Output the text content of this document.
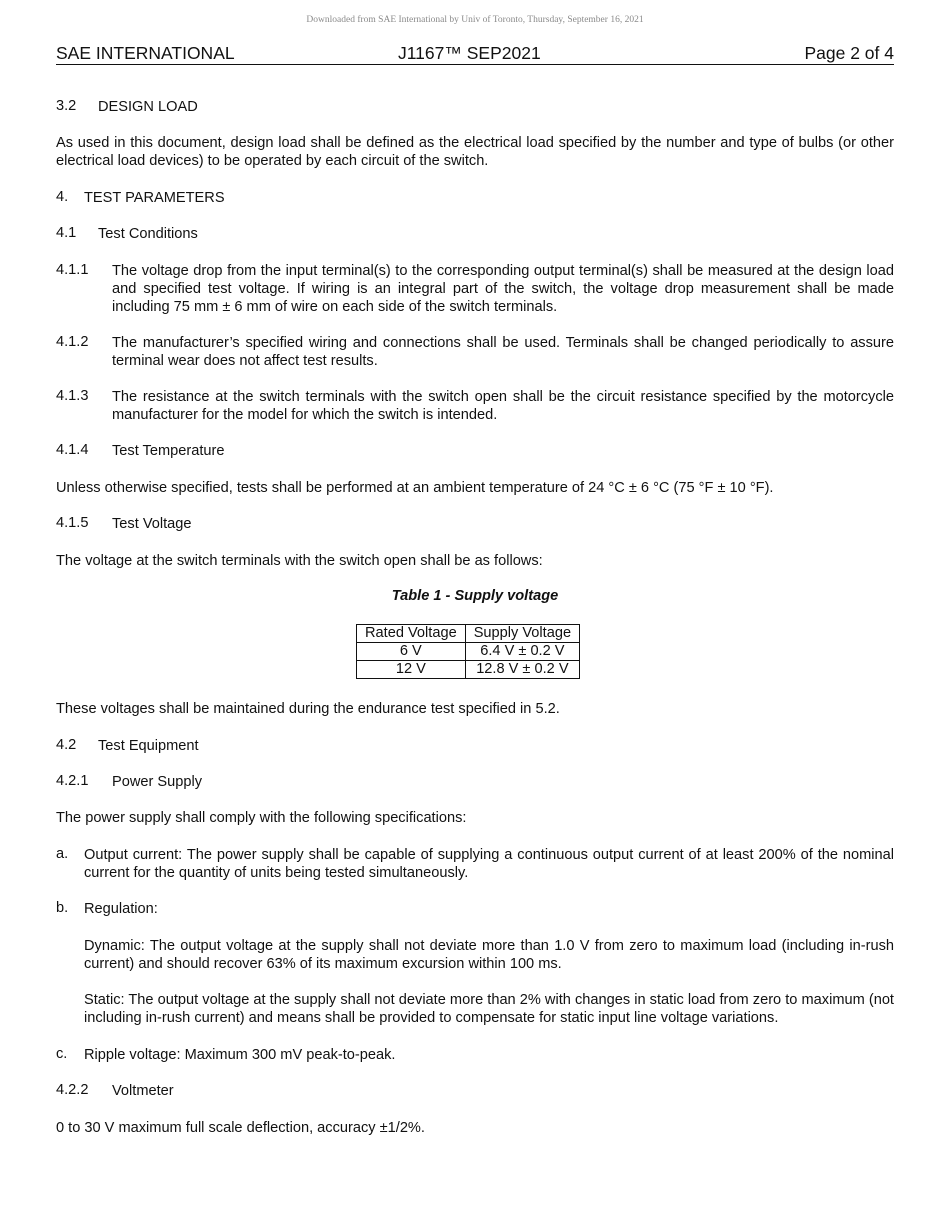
Downloaded from SAE International by Univ of Toronto, Thursday, September 16, 2021
SAE INTERNATIONAL	J1167™ SEP2021	Page 2 of 4
3.2 DESIGN LOAD
As used in this document, design load shall be defined as the electrical load specified by the number and type of bulbs (or other electrical load devices) to be operated by each circuit of the switch.
4. TEST PARAMETERS
4.1 Test Conditions
4.1.1 The voltage drop from the input terminal(s) to the corresponding output terminal(s) shall be measured at the design load and specified test voltage. If wiring is an integral part of the switch, the voltage drop measurement shall be made including 75 mm ± 6 mm of wire on each side of the switch terminals.
4.1.2 The manufacturer’s specified wiring and connections shall be used. Terminals shall be changed periodically to assure terminal wear does not affect test results.
4.1.3 The resistance at the switch terminals with the switch open shall be the circuit resistance specified by the motorcycle manufacturer for the model for which the switch is intended.
4.1.4 Test Temperature
Unless otherwise specified, tests shall be performed at an ambient temperature of 24 °C ± 6 °C (75 °F ± 10 °F).
4.1.5 Test Voltage
The voltage at the switch terminals with the switch open shall be as follows:
Table 1 - Supply voltage
Rated Voltage	Supply Voltage
6 V	6.4 V ± 0.2 V
12 V	12.8 V ± 0.2 V
These voltages shall be maintained during the endurance test specified in 5.2.
4.2 Test Equipment
4.2.1 Power Supply
The power supply shall comply with the following specifications:
a. Output current: The power supply shall be capable of supplying a continuous output current of at least 200% of the nominal current for the quantity of units being tested simultaneously.
b. Regulation:
Dynamic: The output voltage at the supply shall not deviate more than 1.0 V from zero to maximum load (including in-rush current) and should recover 63% of its maximum excursion within 100 ms.
Static: The output voltage at the supply shall not deviate more than 2% with changes in static load from zero to maximum (not including in-rush current) and means shall be provided to compensate for static input line voltage variations.
c. Ripple voltage: Maximum 300 mV peak-to-peak.
4.2.2 Voltmeter
0 to 30 V maximum full scale deflection, accuracy ±1/2%.
